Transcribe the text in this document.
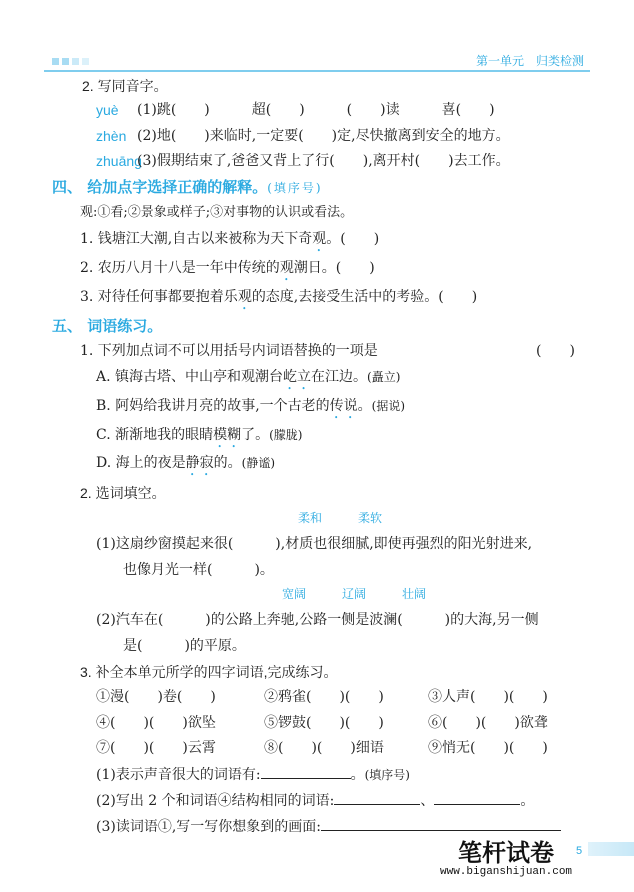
第一单元　归类检测
2. 写同音字。
yuè (1)跳(　　)　　　超(　　)　　　(　　)读　　　喜(　　)
zhèn (2)地(　　)来临时,一定要(　　)定,尽快撤离到安全的地方。
zhuāng
(3)假期结束了,爸爸又背上了行(　　),离开村(　　)去工作。
四、 给加点字选择正确的解释。(填序号)
观:①看;②景象或样子;③对事物的认识或看法。
1. 钱塘江大潮,自古以来被称为天下奇观。(　　)
2. 农历八月十八是一年中传统的观潮日。(　　)
3. 对待任何事都要抱着乐观的态度,去接受生活中的考验。(　　)
五、 词语练习。
1. 下列加点词不可以用括号内词语替换的一项是	(　　)
A. 镇海古塔、中山亭和观潮台屹立在江边。(矗立)
B. 阿妈给我讲月亮的故事,一个古老的传说。(据说)
C. 渐渐地我的眼睛模糊了。(朦胧)
D. 海上的夜是静寂的。(静谧)
2. 选词填空。
柔和　　　柔软
(1)这扇纱窗摸起来很(　　　),材质也很细腻,即使再强烈的阳光射进来,
也像月光一样(　　　)。
宽阔　　　辽阔　　　壮阔
(2)汽车在(　　　)的公路上奔驰,公路一侧是波澜(　　　)的大海,另一侧
是(　　　)的平原。
3. 补全本单元所学的四字词语,完成练习。
①漫(　　)卷(　　)	②鸦雀(　　)(　　)	③人声(　　)(　　)
④(　　)(　　)欲坠	⑤锣鼓(　　)(　　)	⑥(　　)(　　)欲聋
⑦(　　)(　　)云霄	⑧(　　)(　　)细语	⑨悄无(　　)(　　)
(1)表示声音很大的词语有:	。(填序号)
(2)写出 2 个和词语④结构相同的词语:	、	。
(3)读词语①,写一写你想象到的画面:
笔杆试卷
www.biganshijuan.com
5
